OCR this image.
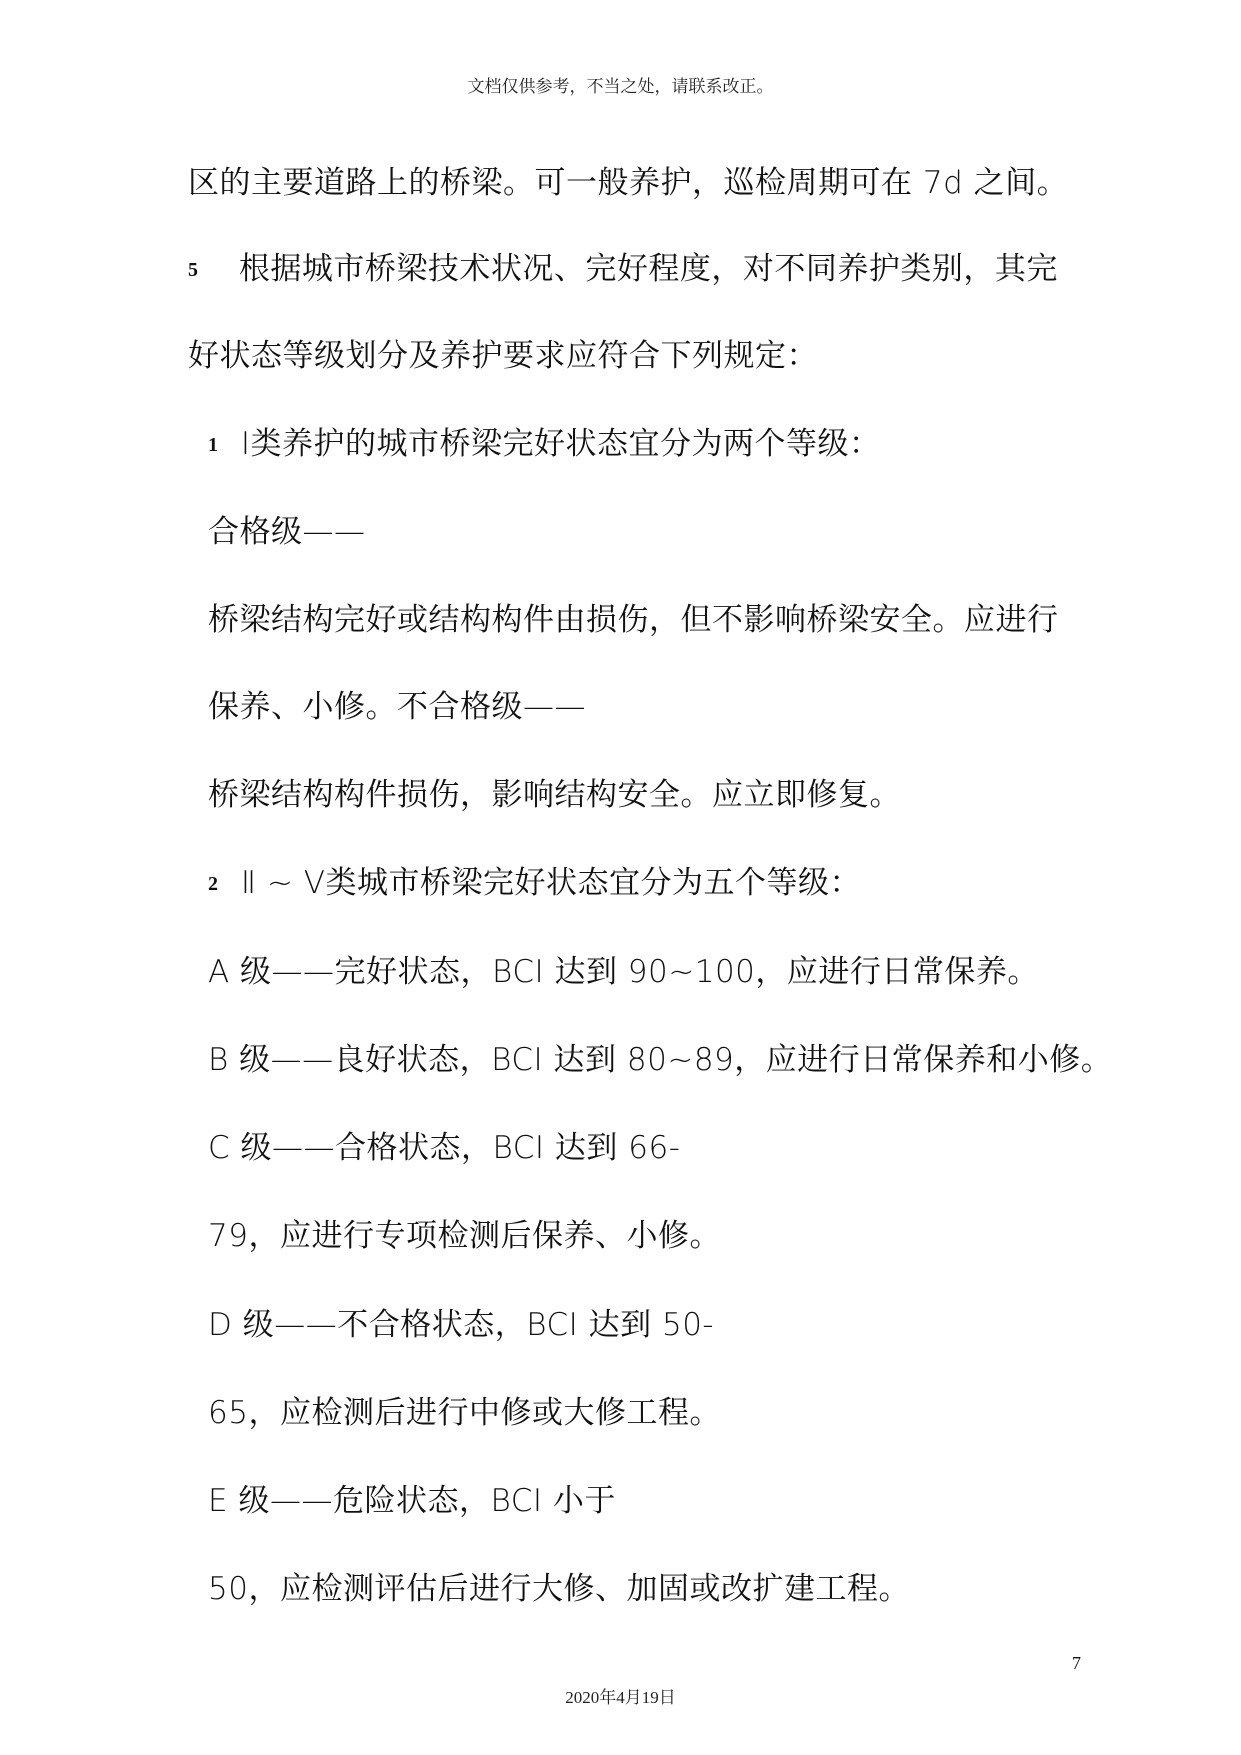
文档仅供参考，不当之处，请联系改正。
区的主要道路上的桥梁。可一般养护，巡检周期可在 7d 之间。
5 根据城市桥梁技术状况、完好程度，对不同养护类别，其完
好状态等级划分及养护要求应符合下列规定：
1 Ⅰ类养护的城市桥梁完好状态宜分为两个等级：
合格级——
桥梁结构完好或结构构件由损伤，但不影响桥梁安全。应进行
保养、小修。不合格级——
桥梁结构构件损伤，影响结构安全。应立即修复。
2 Ⅱ ~ Ⅴ类城市桥梁完好状态宜分为五个等级：
A 级——完好状态，BCI 达到 90~100，应进行日常保养。
B 级——良好状态，BCI 达到 80~89，应进行日常保养和小修。
C 级——合格状态，BCI 达到 66-
79，应进行专项检测后保养、小修。
D 级——不合格状态，BCI 达到 50-
65，应检测后进行中修或大修工程。
E 级——危险状态，BCI 小于
50，应检测评估后进行大修、加固或改扩建工程。
7
2020年4月19日
